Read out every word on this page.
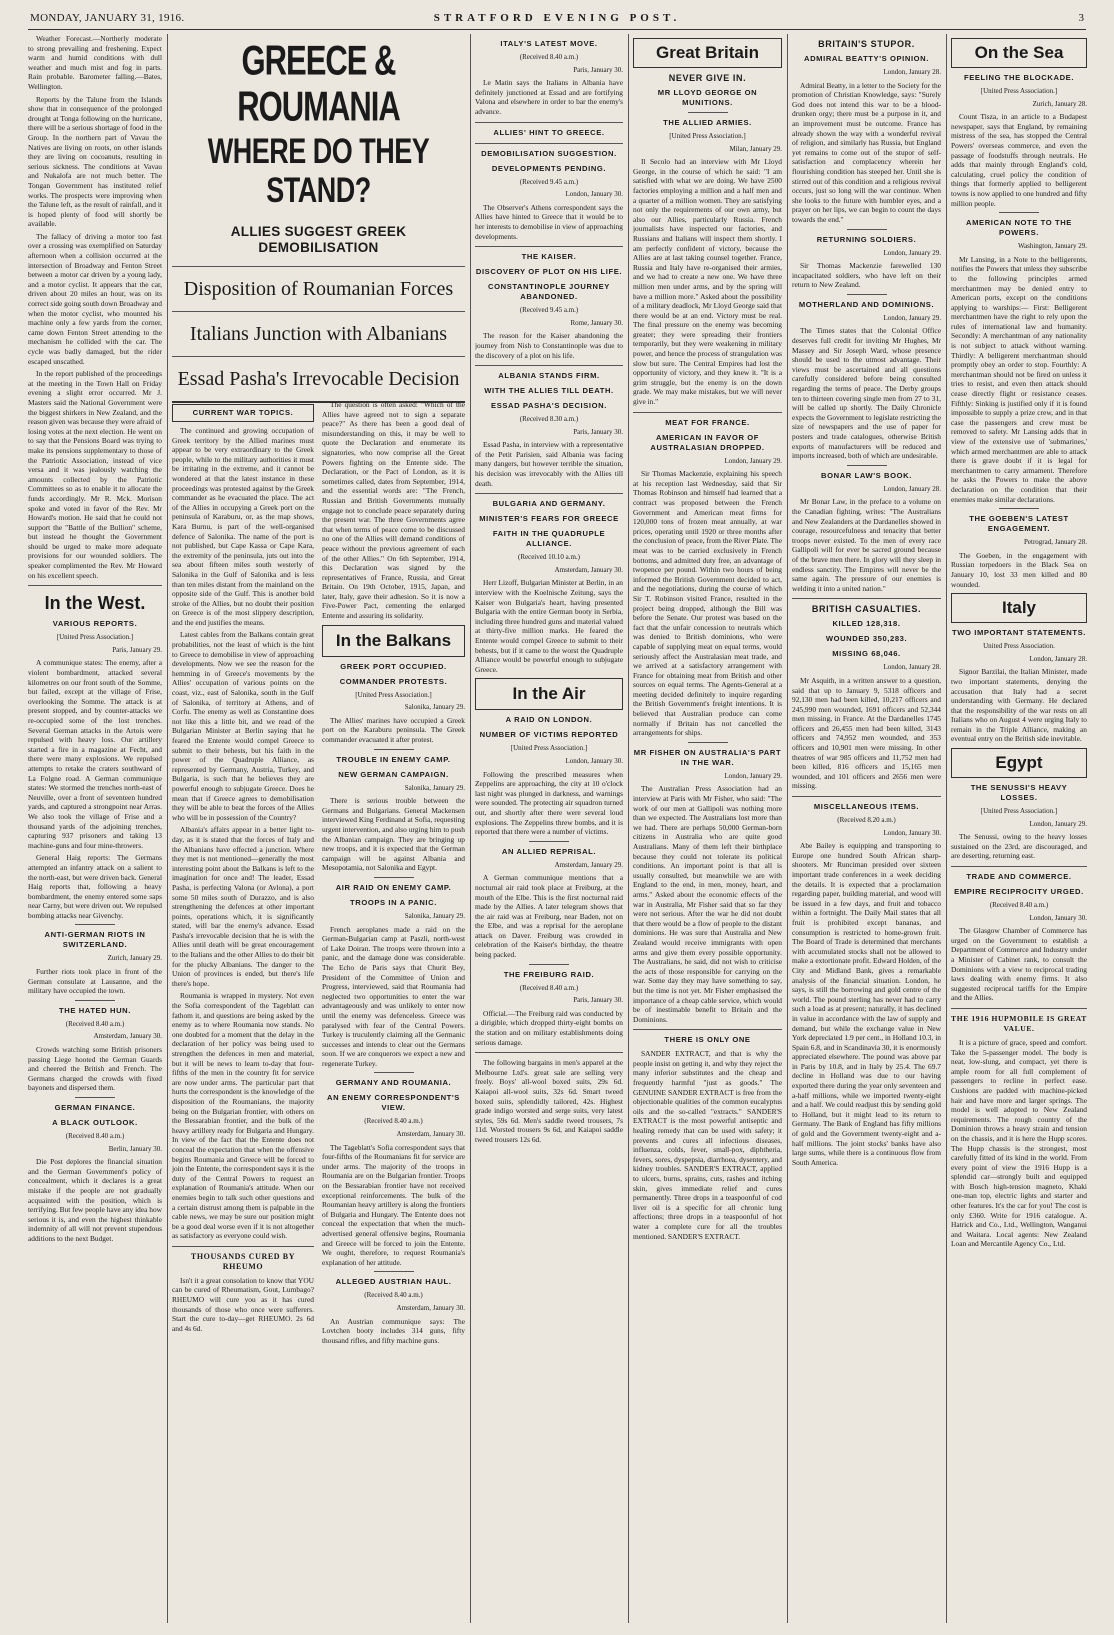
MONDAY, JANUARY 31, 1916.	STRATFORD EVENING POST.	3

Weather Forecast.—Northerly moderate to strong prevailing and freshening. Expect warm and humid conditions with dull weather and much mist and fog in parts. Rain probable. Barometer falling.—Bates, Wellington.

Reports by the Talune from the Islands show that in consequence of the prolonged drought at Tonga following on the hurricane, there will be a serious shortage of food in the Group. In the northern part of Vavau the Natives are living on roots, on other islands they are living on cocoanuts, resulting in serious sickness. The conditions at Vavau and Nukalofa are not much better. The Tongan Government has instituted relief works. The prospects were improving when the Talune left, as the result of rainfall, and it is hoped plenty of food will shortly be available.

The fallacy of driving a motor too fast over a crossing was exemplified on Saturday afternoon when a collision occurred at the intersection of Broadway and Fenton Street between a motor car driven by a young lady, and a motor cyclist. It appears that the car, driven about 20 miles an hour, was on its correct side going south down Broadway and when the motor cyclist, who mounted his machine only a few yards from the corner, came down Fenton Street attending to the mechanism he collided with the car. The cycle was badly damaged, but the rider escaped unscathed.

In the report published of the proceedings at the meeting in the Town Hall on Friday evening a slight error occurred. Mr J. Masters said the National Government were the biggest shirkers in New Zealand, and the reason given was because they were afraid of losing votes at the next election. He went on to say that the Pensions Board was trying to make its pensions supplementary to those of the Patriotic Association, instead of vice versa and it was jealously watching the amounts collected by the Patriotic Committees so as to enable it to allocate the funds accordingly. Mr R. Mck. Morison spoke and voted in favor of the Rev. Mr Howard's motion. He said that he could not support the "Battle of the Bullion" scheme, but instead he thought the Government should be urged to make more adequate provisions for our wounded soldiers. The speaker complimented the Rev. Mr Howard on his excellent speech.

In the West.
VARIOUS REPORTS.
[United Press Association.]
Paris, January 29.

A communique states: The enemy, after a violent bombardment, attacked several kilometres on our front south of the Somme, but failed, except at the village of Frise, overlooking the Somme. The attack is at present stopped, and by counter-attacks we re-occupied some of the lost trenches. Several German attacks in the Artois were repulsed with heavy loss. Our artillery started a fire in a magazine at Fecht, and there were many explosions. We repulsed attempts to retake the craters southward of La Folgne road. A German communique states: We stormed the trenches north-east of Neuville, over a front of seventeen hundred yards, and captured a strongpoint near Arras. We also took the village of Frise and a thousand yards of the adjoining trenches, capturing 937 prisoners and taking 13 machine-guns and four mine-throwers.

General Haig reports: The Germans attempted an infantry attack on a salient to the north-east, but were driven back. General Haig reports that, following a heavy bombardment, the enemy entered some saps near Carny, but were driven out. We repulsed bombing attacks near Givenchy.

ANTI-GERMAN RIOTS IN SWITZERLAND.
Zurich, January 29.

Further riots took place in front of the German consulate at Lausanne, and the military have occupied the town.

THE HATED HUN.
(Received 8.40 a.m.)
Amsterdam, January 30.

Crowds watching some British prisoners passing Liege hooted the German Guards and cheered the British and French. The Germans charged the crowds with fixed bayonets and dispersed them.

GERMAN FINANCE.
A BLACK OUTLOOK.
(Received 8.40 a.m.)
Berlin, January 30.

Die Post deplores the financial situation and the German Government's policy of concealment, which it declares is a great mistake if the people are not gradually acquainted with the position, which is terrifying. But few people have any idea how serious it is, and even the highest thinkable indemnity of all will not prevent stupendous additions to the next Budget.

GREECE & ROUMANIA
WHERE DO THEY STAND?
ALLIES SUGGEST GREEK DEMOBILISATION
Disposition of Roumanian Forces
Italians Junction with Albanians
Essad Pasha's Irrevocable Decision
CURRENT WAR TOPICS.

The continued and growing occupation of Greek territory by the Allied marines must appear to be very extraordinary to the Greek people, while to the military authorities it must be irritating in the extreme, and it cannot be wondered at that the latest instance in these proceedings was protested against by the Greek commander as he evacuated the place. The act of the Allies in occupying a Greek port on the peninsula of Karaburu, or, as the map shows, Kara Burnu, is part of the well-organised defence of Salonika. The name of the port is not published, but Cape Kassa or Cape Kara, the extremity of the peninsula, juts out into the sea about fifteen miles south westerly of Salonika in the Gulf of Salonika and is less than ten miles distant from the mainland on the opposite side of the Gulf. This is another bold stroke of the Allies, but no doubt their position on Greece is of the most slippery description, and the end justifies the means.

Latest cables from the Balkans contain great probabilities, not the least of which is the hint to Greece to demobilise in view of approaching developments. Now we see the reason for the hemming in of Greece's movements by the Allies' occupation of various points on the coast, viz., east of Salonika, south in the Gulf of Salonika, of territory at Athens, and of Corfu. The enemy as well as Constantine does not like this a little bit, and we read of the Bulgarian Minister at Berlin saying that he feared the Entente would compel Greece to submit to their behests, but his faith in the power of the Quadruple Alliance, as represented by Germany, Austria, Turkey, and Bulgaria, is such that he believes they are powerful enough to subjugate Greece. Does he mean that if Greece agrees to demobilisation they will be able to beat the forces of the Allies who will be in possession of the Country?

Albania's affairs appear in a better light to-day, as it is stated that the forces of Italy and the Albanians have effected a junction. Where they met is not mentioned—generally the most interesting point about the Balkans is left to the imagination for once and! The leader, Essad Pasha, is perfecting Valona (or Avlona), a port some 50 miles south of Durazzo, and is also strengthening the defences at other important points, operations which, it is significantly stated, will bar the enemy's advance. Essad Pasha's irrevocable decision that he is with the Allies until death will be great encouragement to the Italians and the other Allies to do their bit for the plucky Albanians. The danger to the Union of provinces is ended, but there's life there's hope.

Roumania is wrapped in mystery. Not even the Sofia correspondent of the Tageblatt can fathom it, and questions are being asked by the enemy as to where Roumania now stands. No one doubted for a moment that the delay in the declaration of her policy was being used to strengthen the defences in men and material, but it will be news to learn to-day that four-fifths of the men in the country fit for service are now under arms. The particular part that hurts the correspondent is the knowledge of the disposition of the Roumanians, the majority being on the Bulgarian frontier, with others on the Bessarabian frontier, and the bulk of the heavy artillery ready for Bulgaria and Hungary. In view of the fact that the Entente does not conceal the expectation that when the offensive begins Roumania and Greece will be forced to join the Entente, the correspondent says it is the duty of the Central Powers to request an explanation of Roumania's attitude. When our enemies begin to talk such other questions and a certain distrust among them is palpable in the cable news, we may be sure our position might be a good deal worse even if it is not altogether as satisfactory as everyone could wish.

THOUSANDS CURED BY RHEUMO

Isn't it a great consolation to know that YOU can be cured of Rheumatism, Gout, Lumbago? RHEUMO will cure you as it has cured thousands of those who once were sufferers. Start the cure to-day—get RHEUMO. 2s 6d and 4s 6d.

The question is often asked: "Which of the Allies have agreed not to sign a separate peace?" As there has been a good deal of misunderstanding on this, it may be well to quote the Declaration and enumerate its signatories, who now comprise all the Great Powers fighting on the Entente side. The Declaration, or the Pact of London, as it is sometimes called, dates from September, 1914, and the essential words are: "The French, Russian and British Governments mutually engage not to conclude peace separately during the present war. The three Governments agree that when terms of peace come to be discussed no one of the Allies will demand conditions of peace without the previous agreement of each of the other Allies." On 6th September, 1914, this Declaration was signed by the representatives of France, Russia, and Great Britain. On 19th October, 1915, Japan, and later, Italy, gave their adhesion. So it is now a Five-Power Pact, cementing the enlarged Entente and assuring its solidarity.

In the Balkans
GREEK PORT OCCUPIED.
COMMANDER PROTESTS.
[United Press Association.]
Salonika, January 29.

The Allies' marines have occupied a Greek port on the Karaburu peninsula. The Greek commander evacuated it after protest.

TROUBLE IN ENEMY CAMP.
NEW GERMAN CAMPAIGN.
Salonika, January 29.

There is serious trouble between the Germans and Bulgarians. General Mackensen interviewed King Ferdinand at Sofia, requesting urgent intervention, and also urging him to push the Albanian campaign. They are bringing up new troops, and it is expected that the German campaign will be against Albania and Mesopotamia, not Salonika and Egypt.

AIR RAID ON ENEMY CAMP.
TROOPS IN A PANIC.
Salonika, January 29.

French aeroplanes made a raid on the German-Bulgarian camp at Paszli, north-west of Lake Doiran. The troops were thrown into a panic, and the damage done was considerable. The Echo de Paris says that Churit Bey, President of the Committee of Union and Progress, interviewed, said that Roumania had neglected two opportunities to enter the war advantageously and was unlikely to enter now until the enemy was defenceless. Greece was paralysed with fear of the Central Powers. Turkey is truculently claiming all the Germanic successes and intends to clear out the Germans soon. If we are conquerors we expect a new and regenerate Turkey.

GERMANY AND ROUMANIA.
AN ENEMY CORRESPONDENT'S VIEW.
(Received 8.40 a.m.)
Amsterdam, January 30.

The Tageblatt's Sofia correspondent says that four-fifths of the Roumanians fit for service are under arms. The majority of the troops in Roumania are on the Bulgarian frontier. Troops on the Bessarabian frontier have not received exceptional reinforcements. The bulk of the Roumanian heavy artillery is along the frontiers of Bulgaria and Hungary. The Entente does not conceal the expectation that when the much-advertised general offensive begins, Roumania and Greece will be forced to join the Entente. We ought, therefore, to request Roumania's explanation of her attitude.

ALLEGED AUSTRIAN HAUL.
(Received 8.40 a.m.)
Amsterdam, January 30.

An Austrian communique says: The Lovtchen booty includes 314 guns, fifty thousand rifles, and fifty machine guns.

ITALY'S LATEST MOVE.
(Received 8.40 a.m.)
Paris, January 30.

Le Matin says the Italians in Albania have definitely junctioned at Essad and are fortifying Valona and elsewhere in order to bar the enemy's advance.

ALLIES' HINT TO GREECE.
DEMOBILISATION SUGGESTION.
DEVELOPMENTS PENDING.
(Received 9.45 a.m.)
London, January 30.

The Observer's Athens correspondent says the Allies have hinted to Greece that it would be to her interests to demobilise in view of approaching developments.

THE KAISER.
DISCOVERY OF PLOT ON HIS LIFE.
CONSTANTINOPLE JOURNEY ABANDONED.
(Received 9.45 a.m.)
Rome, January 30.

The reason for the Kaiser abandoning the journey from Nish to Constantinople was due to the discovery of a plot on his life.

ALBANIA STANDS FIRM.
WITH THE ALLIES TILL DEATH.
ESSAD PASHA'S DECISION.
(Received 8.30 a.m.)
Paris, January 30.

Essad Pasha, in interview with a representative of the Petit Parisien, said Albania was facing many dangers, but however terrible the situation, his decision was irrevocably with the Allies till death.

BULGARIA AND GERMANY.
MINISTER'S FEARS FOR GREECE
FAITH IN THE QUADRUPLE ALLIANCE.
(Received 10.10 a.m.)
Amsterdam, January 30.

Herr Lizoff, Bulgarian Minister at Berlin, in an interview with the Koelnische Zeitung, says the Kaiser won Bulgaria's heart, having presented Bulgaria with the entire German booty in Serbia, including three hundred guns and material valued at thirty-five million marks. He feared the Entente would compel Greece to submit to their behests, but if it came to the worst the Quadruple Alliance would be powerful enough to subjugate Greece.

In the Air
A RAID ON LONDON.
NUMBER OF VICTIMS REPORTED
[United Press Association.]
London, January 30.

Following the prescribed measures when Zeppelins are approaching, the city at 10 o'clock last night was plunged in darkness, and warnings were sounded. The protecting air squadron turned out, and shortly after there were several loud explosions. The Zeppelins threw bombs, and it is reported that there were a number of victims.

AN ALLIED REPRISAL.
Amsterdam, January 29.

A German communique mentions that a nocturnal air raid took place at Freiburg, at the mouth of the Elbe. This is the first nocturnal raid made by the Allies. A later telegram shows that the air raid was at Freiburg, near Baden, not on the Elbe, and was a reprisal for the aeroplane attack on Daver. Freiburg was crowded in celebration of the Kaiser's birthday, the theatre being packed.

THE FREIBURG RAID.
(Received 8.40 a.m.)
Paris, January 30.

Official.—The Freiburg raid was conducted by a dirigible, which dropped thirty-eight bombs on the station and on military establishments doing serious damage.

The following bargains in men's apparel at the Melbourne Ltd's. great sale are selling very freely. Boys' all-wool boxed suits, 29s 6d. Kaiapoi all-wool suits, 32s 6d. Smart tweed boxed suits, splendidly tailored, 42s. Highest grade indigo worsted and serge suits, very latest styles, 59s 6d. Men's saddle tweed trousers, 7s 11d. Worsted trousers 9s 6d, and Kaiapoi saddle tweed trousers 12s 6d.

Great Britain
NEVER GIVE IN.
MR LLOYD GEORGE ON MUNITIONS.
THE ALLIED ARMIES.
[United Press Association.]
Milan, January 29.

Il Secolo had an interview with Mr Lloyd George, in the course of which he said: "I am satisfied with what we are doing. We have 2500 factories employing a million and a half men and a quarter of a million women. They are satisfying not only the requirements of our own army, but also our Allies, particularly Russia. French journalists have inspected our factories, and Russians and Italians will inspect them shortly. I am perfectly confident of victory, because the Allies are at last taking counsel together. France, Russia and Italy have re-organised their armies, and we had to create a new one. We have three million men under arms, and by the spring will have a million more." Asked about the possibility of a military deadlock, Mr Lloyd George said that there would be at an end. Victory must be real. The final pressure on the enemy was becoming greater; they were spreading their frontiers temporarily, but they were weakening in military power, and hence the process of strangulation was slow but sure. The Central Empires had lost the opportunity of victory, and they knew it. "It is a grim struggle, but the enemy is on the down grade. We may make mistakes, but we will never give in."

MEAT FOR FRANCE.
AMERICAN IN FAVOR OF AUSTRALASIAN DROPPED.
London, January 29.

Sir Thomas Mackenzie, explaining his speech at his reception last Wednesday, said that Sir Thomas Robinson and himself had learned that a contract was proposed between the French Government and American meat firms for 120,000 tons of frozen meat annually, at war prices, operating until 1920 or three months after the conclusion of peace, from the River Plate. The meat was to be carried exclusively in French bottoms, and admitted duty free, an advantage of twopence per pound. Within two hours of being informed the British Government decided to act, and the negotiations, during the course of which Sir T. Robinson visited France, resulted in the project being dropped, although the Bill was before the Senate. Our protest was based on the fact that the unfair concession to neutrals which was denied to British dominions, who were capable of supplying meat on equal terms, would seriously affect the Australasian meat trade, and we arrived at a satisfactory arrangement with France for obtaining meat from British and other sources on equal terms. The Agents-General at a meeting decided definitely to inquire regarding the British Government's freight intentions. It is believed that Australian produce can come normally if Britain has not cancelled the arrangements for ships.

MR FISHER ON AUSTRALIA'S PART IN THE WAR.
London, January 29.

The Australian Press Association had an interview at Paris with Mr Fisher, who said: "The work of our men at Gallipoli was nothing more than we expected. The Australians lost more than we had. There are perhaps 50,000 German-born citizens in Australia who are quite good Australians. Many of them left their birthplace because they could not tolerate its political conditions. An important point is that all is usually consulted, but meanwhile we are with England to the end, in men, money, heart, and arms." Asked about the economic effects of the war in Australia, Mr Fisher said that so far they were not serious. After the war he did not doubt that there would be a flow of people to the distant dominions. He was sure that Australia and New Zealand would receive immigrants with open arms and give them every possible opportunity. The Australians, he said, did not wish to criticise the acts of those responsible for carrying on the war. Some day they may have something to say, but the time is not yet. Mr Fisher emphasised the importance of a cheap cable service, which would be of inestimable benefit to Britain and the Dominions.

THERE IS ONLY ONE

SANDER EXTRACT, and that is why the people insist on getting it, and why they reject the many inferior substitutes and the cheap and frequently harmful "just as goods." The GENUINE SANDER EXTRACT is free from the objectionable qualities of the common eucalyptus oils and the so-called "extracts." SANDER'S EXTRACT is the most powerful antiseptic and healing remedy that can be used with safety; it prevents and cures all infectious diseases, influenza, colds, fever, small-pox, diphtheria, fevers, sores, dyspepsia, diarrhoea, dysentery, and kidney troubles. SANDER'S EXTRACT, applied to ulcers, burns, sprains, cuts, rashes and itching skin, gives immediate relief and cures permanently. Three drops in a teaspoonful of cod liver oil is a specific for all chronic lung affections; three drops in a teaspoonful of hot water a complete cure for all the troubles mentioned. SANDER'S EXTRACT.

BRITAIN'S STUPOR.
ADMIRAL BEATTY'S OPINION.
London, January 28.

Admiral Beatty, in a letter to the Society for the promotion of Christian Knowledge, says: "Surely God does not intend this war to be a blood-drunken orgy; there must be a purpose in it, and an improvement must be outcome. France has already shown the way with a wonderful revival of religion, and similarly has Russia, but England yet remains to come out of the stupor of self-satisfaction and complacency wherein her flourishing condition has steeped her. Until she is stirred out of this condition and a religious revival occurs, just so long will the war continue. When she looks to the future with humbler eyes, and a prayer on her lips, we can begin to count the days towards the end."

RETURNING SOLDIERS.
London, January 29.

Sir Thomas Mackenzie farewelled 130 incapacitated soldiers, who have left on their return to New Zealand.

MOTHERLAND AND DOMINIONS.
London, January 29.

The Times states that the Colonial Office deserves full credit for inviting Mr Hughes, Mr Massey and Sir Joseph Ward, whose presence should be used to the utmost advantage. Their views must be ascertained and all questions carefully considered before being consulted regarding the terms of peace. The Derby groups ten to thirteen covering single men from 27 to 31, will be called up shortly. The Daily Chronicle expects the Government to legislate restricting the size of newspapers and the use of paper for posters and trade catalogues, otherwise British exports of manufacturers will be reduced and imports increased, both of which are undesirable.

BONAR LAW'S BOOK.
London, January 28.

Mr Bonar Law, in the preface to a volume on the Canadian fighting, writes: "The Australians and New Zealanders at the Dardanelles showed in courage, resourcefulness and tenacity that better troops never existed. To the men of every race Gallipoli will for ever be sacred ground because of the brave men there. In glory will they sleep in endless sanctity. The Empires will never be the same again. The pressure of our enemies is welding it into a united nation."

BRITISH CASUALTIES.
KILLED 128,318.
WOUNDED 350,283.
MISSING 68,046.
London, January 28.

Mr Asquith, in a written answer to a question, said that up to January 9, 5318 officers and 92,130 men had been killed, 10,217 officers and 245,990 men wounded, 1691 officers and 52,344 men missing, in France. At the Dardanelles 1745 officers and 26,455 men had been killed, 3143 officers and 74,952 men wounded, and 353 officers and 10,901 men were missing. In other theatres of war 985 officers and 11,752 men had been killed, 816 officers and 15,165 men wounded, and 101 officers and 2656 men were missing.

MISCELLANEOUS ITEMS.
(Received 8.20 a.m.)
London, January 30.

Abe Bailey is equipping and transporting to Europe one hundred South African sharp-shooters. Mr Runciman presided over sixteen important trade conferences in a week deciding the details. It is expected that a proclamation regarding paper, building material, and wood will be issued in a few days, and fruit and tobacco within a fortnight. The Daily Mail states that all fruit is prohibited except bananas, and consumption is restricted to home-grown fruit. The Board of Trade is determined that merchants with accumulated stocks shall not be allowed to make a extortionate profit. Edward Holden, of the City and Midland Bank, gives a remarkable analysis of the financial situation. London, he says, is still the borrowing and gold centre of the world. The pound sterling has never had to carry such a load as at present; naturally, it has declined in value in accordance with the law of supply and demand, but while the exchange value in New York depreciated 1.9 per cent., in Holland 10.3, in Spain 6.8, and in Scandinavia 30, it is enormously appreciated elsewhere. The pound was above par in Paris by 10.8, and in Italy by 25.4. The 69.7 decline in Holland was due to our having exported there during the year only seventeen and a-half millions, while we imported twenty-eight and a half. We could readjust this by sending gold to Holland, but it might lead to its return to Germany. The Bank of England has fifty millions of gold and the Government twenty-eight and a-half millions. The joint stocks' banks have also large sums, while there is a continuous flow from South America.

On the Sea
FEELING THE BLOCKADE.
[United Press Association.]
Zurich, January 28.

Count Tisza, in an article to a Budapest newspaper, says that England, by remaining mistress of the sea, has stopped the Central Powers' overseas commerce, and even the passage of foodstuffs through neutrals. He adds that mainly through England's cold, calculating, cruel policy the condition of things that formerly applied to belligerent towns is now applied to one hundred and fifty million people.

AMERICAN NOTE TO THE POWERS.
Washington, January 29.

Mr Lansing, in a Note to the belligerents, notifies the Powers that unless they subscribe to the following principles armed merchantmen may be denied entry to American ports, except on the conditions applying to warships:— First: Belligerent merchantmen have the right to rely upon the rules of international law and humanity. Secondly: A merchantman of any nationality is not subject to attack without warning. Thirdly: A belligerent merchantman should promptly obey an order to stop. Fourthly: A merchantman should not be fired on unless it tries to resist, and even then attack should cease directly flight or resistance ceases. Fifthly: Sinking is justified only if it is found impossible to supply a prize crew, and in that case the passengers and crew must be removed to safety. Mr Lansing adds that in view of the extensive use of 'submarines,' which armed merchantmen are able to attack there is grave doubt if it is legal for merchantmen to carry armament. Therefore he asks the Powers to make the above declaration on the condition that their enemies make similar declarations.

THE GOEBEN'S LATEST ENGAGEMENT.
Petrograd, January 28.

The Goeben, in the engagement with Russian torpedoers in the Black Sea on January 10, lost 33 men killed and 80 wounded.

Italy
TWO IMPORTANT STATEMENTS.
United Press Association.
London, January 28.

Signor Barzilai, the Italian Minister, made two important statements, denying the accusation that Italy had a secret understanding with Germany. He declared that the responsibility of the war rests on all Italians who on August 4 were urging Italy to remain in the Triple Alliance, making an eventual entry on the British side inevitable.

Egypt
THE SENUSSI'S HEAVY LOSSES.
[United Press Association.]
London, January 29.

The Senussi, owing to the heavy losses sustained on the 23rd, are discouraged, and are deserting, returning east.

TRADE AND COMMERCE.
EMPIRE RECIPROCITY URGED.
(Received 8.40 a.m.)
London, January 30.

The Glasgow Chamber of Commerce has urged on the Government to establish a Department of Commerce and Industry under a Minister of Cabinet rank, to consult the Dominions with a view to reciprocal trading laws dealing with enemy firms. It also suggested reciprocal tariffs for the Empire and the Allies.

THE 1916 HUPMOBILE IS GREAT VALUE.

It is a picture of grace, speed and comfort. Take the 5-passenger model. The body is neat, low-slung, and compact, yet there is ample room for all full complement of passengers to recline in perfect ease. Cushions are padded with machine-picked hair and have more and larger springs. The model is well adopted to New Zealand requirements. The rough country of the Dominion throws a heavy strain and tension on the chassis, and it is here the Hupp scores. The Hupp chassis is the strongest, most carefully fitted of its kind in the world. From every point of view the 1916 Hupp is a splendid car—strongly built and equipped with Bosch high-tension magneto, Khaki one-man top, electric lights and starter and other features. It's the car for you! The cost is only £360. Write for 1916 catalogue. A. Hatrick and Co., Ltd., Wellington, Wanganui and Waitara. Local agents: New Zealand Loan and Mercantile Agency Co., Ltd.
